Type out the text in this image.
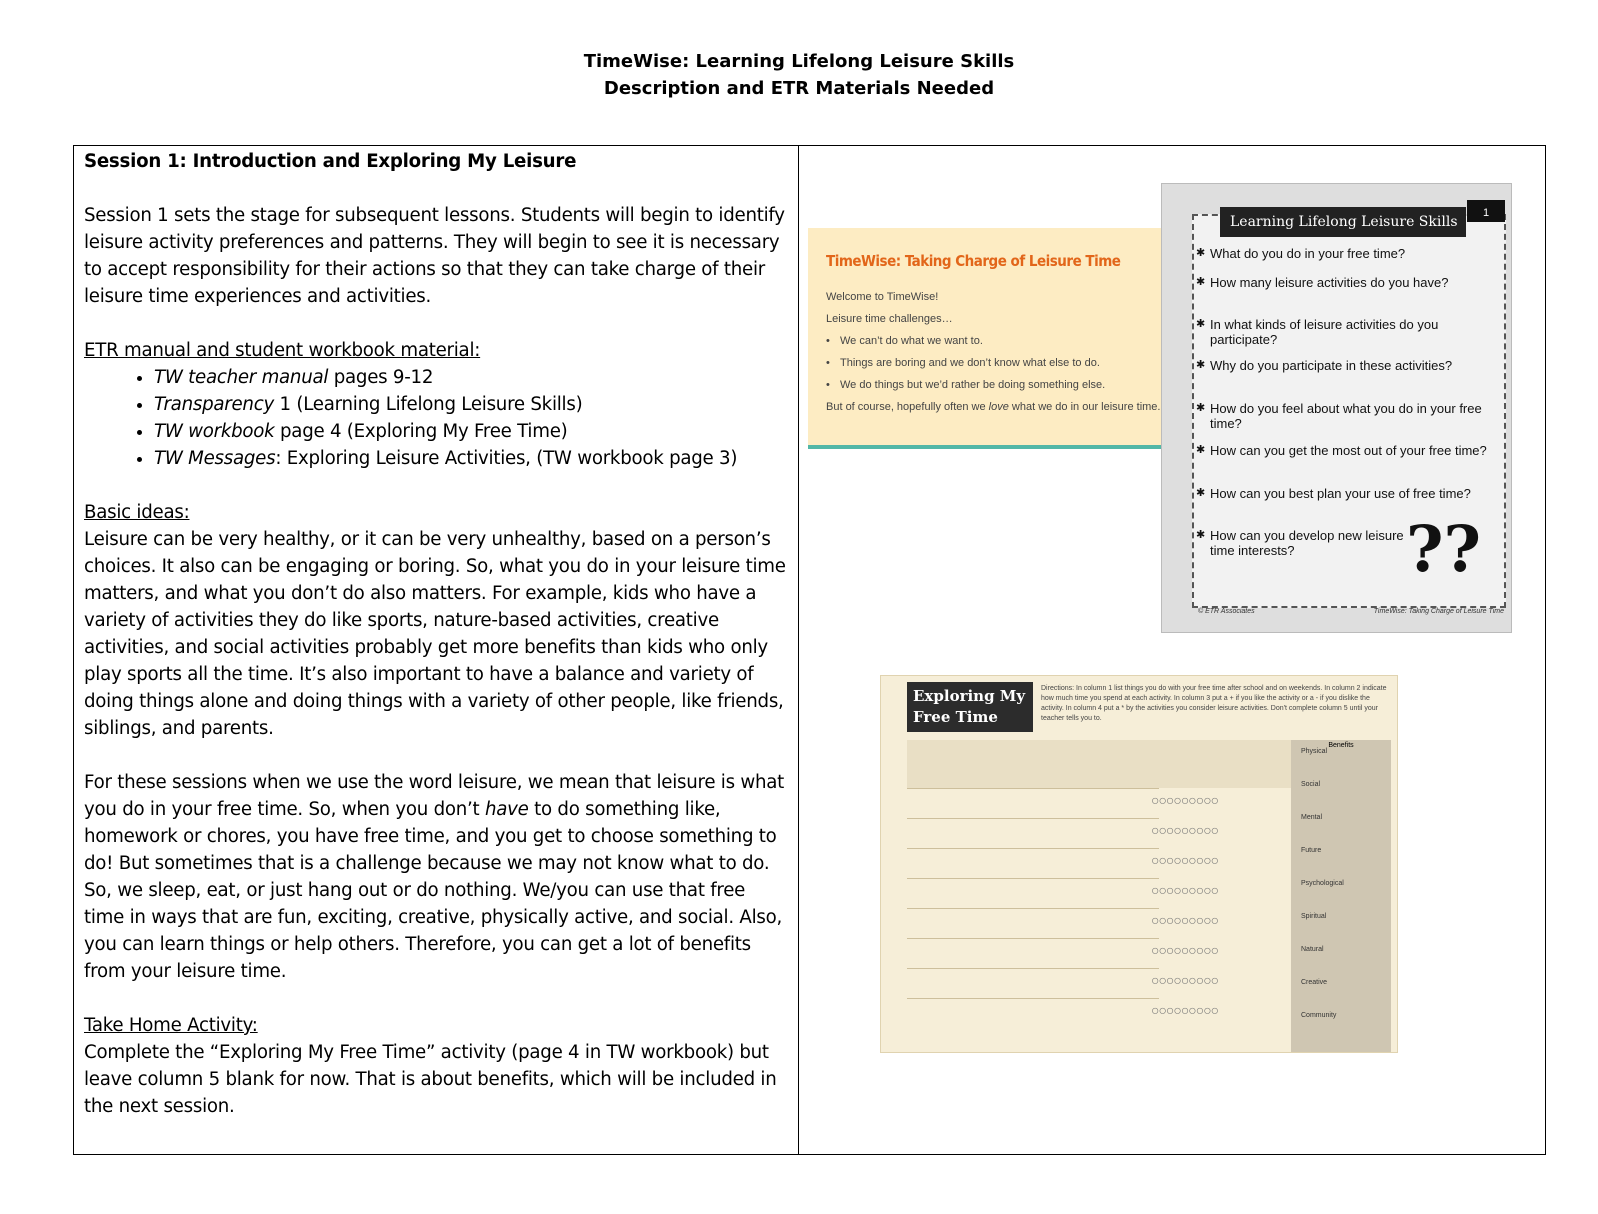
TimeWise: Learning Lifelong Leisure Skills
Description and ETR Materials Needed

Session 1: Introduction and Exploring My Leisure

Session 1 sets the stage for subsequent lessons. Students will begin to identify leisure activity preferences and patterns. They will begin to see it is necessary to accept responsibility for their actions so that they can take charge of their leisure time experiences and activities.

ETR manual and student workbook material:

• TW teacher manual pages 9-12
• Transparency 1 (Learning Lifelong Leisure Skills)
• TW workbook page 4 (Exploring My Free Time)
• TW Messages: Exploring Leisure Activities, (TW workbook page 3)

Basic ideas:

Leisure can be very healthy, or it can be very unhealthy, based on a person’s choices. It also can be engaging or boring. So, what you do in your leisure time matters, and what you don’t do also matters. For example, kids who have a variety of activities they do like sports, nature-based activities, creative activities, and social activities probably get more benefits than kids who only play sports all the time. It’s also important to have a balance and variety of doing things alone and doing things with a variety of other people, like friends, siblings, and parents.

For these sessions when we use the word leisure, we mean that leisure is what you do in your free time. So, when you don’t have to do something like, homework or chores, you have free time, and you get to choose something to do! But sometimes that is a challenge because we may not know what to do. So, we sleep, eat, or just hang out or do nothing. We/you can use that free time in ways that are fun, exciting, creative, physically active, and social. Also, you can learn things or help others. Therefore, you can get a lot of benefits from your leisure time.

Take Home Activity:

Complete the “Exploring My Free Time” activity (page 4 in TW workbook) but leave column 5 blank for now. That is about benefits, which will be included in the next session.

TimeWise: Taking Charge of Leisure Time
Welcome to TimeWise!
Leisure time challenges…
• We can’t do what we want to.
• Things are boring and we don’t know what else to do.
• We do things but we’d rather be doing something else.
But of course, hopefully often we love what we do in our leisure time.
Learning Lifelong Leisure Skills
1
✱ What do you do in your free time?
✱ How many leisure activities do you have?
✱ In what kinds of leisure activities do you participate?
✱ Why do you participate in these activities?
✱ How do you feel about what you do in your free time?
✱ How can you get the most out of your free time?
✱ How can you best plan your use of free time?
✱ How can you develop new leisure time interests?	??
© ETR Associates	TimeWise: Taking Charge of Leisure Time
Exploring My Free Time
Directions: In column 1 list things you do with your free time after school and on weekends. In column 2 indicate how much time you spend at each activity. In column 3 put a + if you like the activity or a - if you dislike the activity. In column 4 put a * by the activities you consider leisure activities. Don't complete column 5 until your teacher tells you to.
Benefits
○○○○○○○○○
○○○○○○○○○
○○○○○○○○○
○○○○○○○○○
○○○○○○○○○
○○○○○○○○○
○○○○○○○○○
○○○○○○○○○
Physical
Social
Mental
Future
Psychological
Spiritual
Natural
Creative
Community
